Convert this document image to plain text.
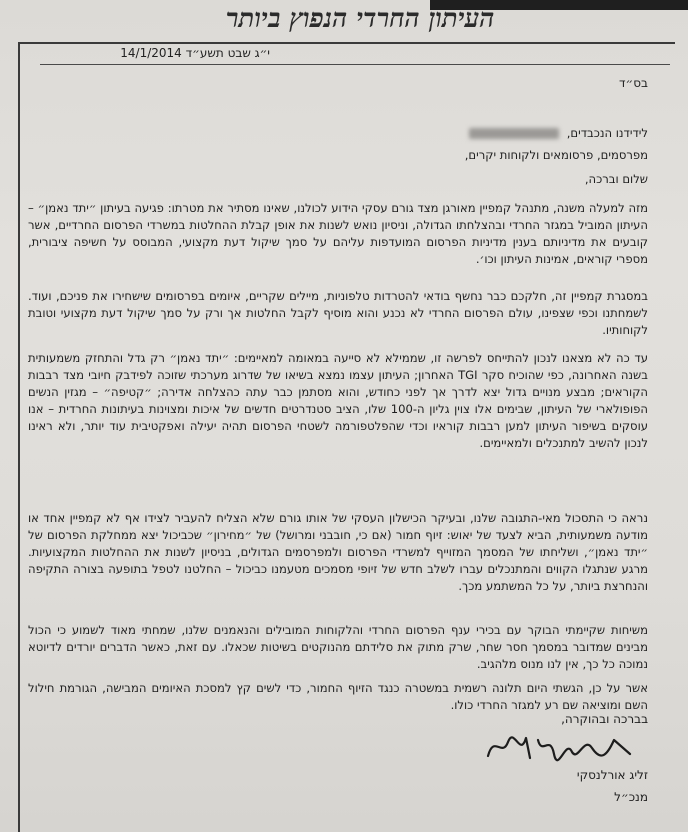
העיתון החרדי הנפוץ ביותר
י״ג שבט תשע״ד 14/1/2014
בס״ד
לידידנו הנכבדים,
מפרסמים, פרסומאים ולקוחות יקרים,
שלום וברכה,
מזה למעלה משנה, מתנהל קמפיין מאורגן מצד גורם עסקי הידוע לכולנו, שאינו מסתיר את מטרתו: פגיעה בעיתון ״יתד נאמן״ – העיתון המוביל במגזר החרדי ובהצלחתו הגדולה, וניסיון נואש לשנות את אופן קבלת ההחלטות במשרדי הפרסום החרדיים, אשר קובעים את מדיניותם בענין מדיניות הפרסום המועדפות עליהם על סמך שיקול דעת מקצועי, המבוסס על חשיפה ציבורית, מספרי קוראים, אמינות העיתון וכו׳.
במסגרת קמפיין זה, חלקכם כבר נחשף בודאי להטרדות טלפוניות, מיילים שקריים, איומים בפרסומים שישחירו את פניכם, ועוד. לשמחתנו וכפי שצפינו, עולם הפרסום החרדי לא נכנע והוא מוסיף לקבל החלטות אך ורק על סמך שיקול דעת מקצועי וטובת לקוחותיו.
עד כה לא מצאנו לנכון להתייחס לפרשה זו, שממילא לא סייעה במאומה למאיימים: ״יתד נאמן״ רק גדל והתחזק משמעותית בשנה האחרונה, כפי שהוכיח סקר TGI האחרון; העיתון עצמו נמצא בשיאו של שדרוג מערכתי שזוכה לפידבק חיובי מצד רבבות הקוראים; מבצע מנויים גדול יצא לדרך אך לפני כחודש, והוא מסתמן כבר עתה כהצלחה אדירה; ״קטיפה״ – מגזין הנשים הפופולארי של העיתון, שבימים אלו צוין גליון ה-100 שלו, הציב סטנדרטים חדשים של איכות ומצוינות בעיתונות החרדית – אנו עוסקים בשיפור העיתון למען רבבות קוראיו וכדי שהפלטפורמה לשטחי הפרסום תהיה יעילה ואפקטיבית עוד יותר, ולא ראינו לנכון להשיב למתנכלים ולמאיימים.
נראה כי התסכול מאי-התגובה שלנו, ובעיקר הכישלון העסקי של אותו גורם שלא הצליח להעביר לצידו אף לא קמפיין אחד או מודעה משמעותית, הביא לצעד של יאוש: זיוף חמור (אם כי, חובבני ומרושל) של ״מחירון״ שכביכול יצא ממחלקת הפרסום של ״יתד נאמן״, ושליחתו של המסמך המזוייף למשרדי הפרסום ולמפרסמים הגדולים, בניסיון לשנות את ההחלטות המקצועיות. מרגע שנתגלו הקווים והמתנכלים עברו לשלב חדש של זיופי מסמכים מטעמנו כביכול – החלטנו לטפל בתופעה בצורה התקיפה והנחרצת ביותר, על כל המשתמע מכך.
משיחות שקיימתי הבוקר עם בכירי ענף הפרסום החרדי והלקוחות המובילים והנאמנים שלנו, שמחתי מאוד לשמוע כי הכול מבינים שמדובר במסמך חסר שחר, שרק מתוק את סלידתם מהנוקטים בשיטות שכאלו. עם זאת, כאשר הדברים יורדים לדיוטא נמוכה כל כך, אין לנו מנוס מלהגיב.
אשר על כן, הגשתי היום תלונה רשמית במשטרה כנגד הזיוף החמור, כדי לשים קץ למסכת האיומים המבישה, הגורמת חילול השם ומוציאה שם רע למגזר החרדי כולו.
בברכה ובהוקרה,
זליג אורלנסקי
מנכ״ל
